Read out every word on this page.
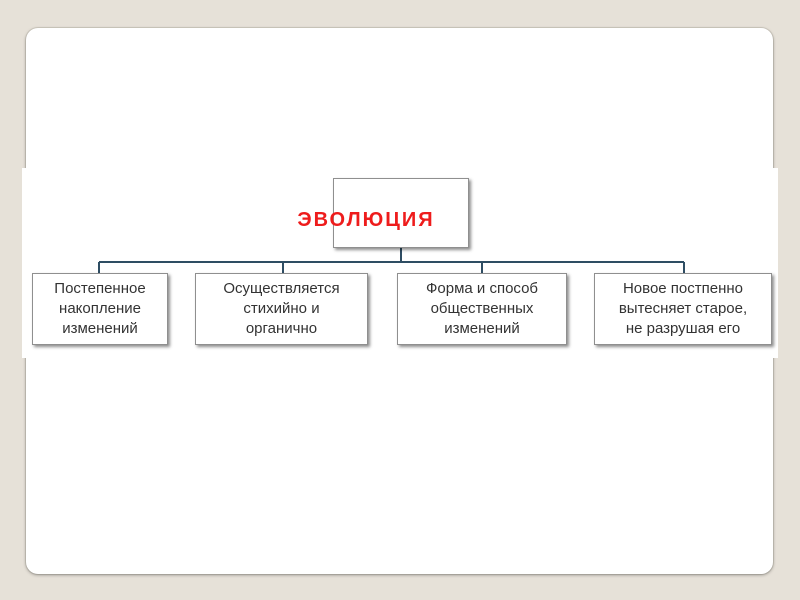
ЭВОЛЮЦИЯ
Постепенное
накопление
изменений
Осуществляется
стихийно и
органично
Форма и способ
общественных
изменений
Новое постпенно
вытесняет старое,
не разрушая его
